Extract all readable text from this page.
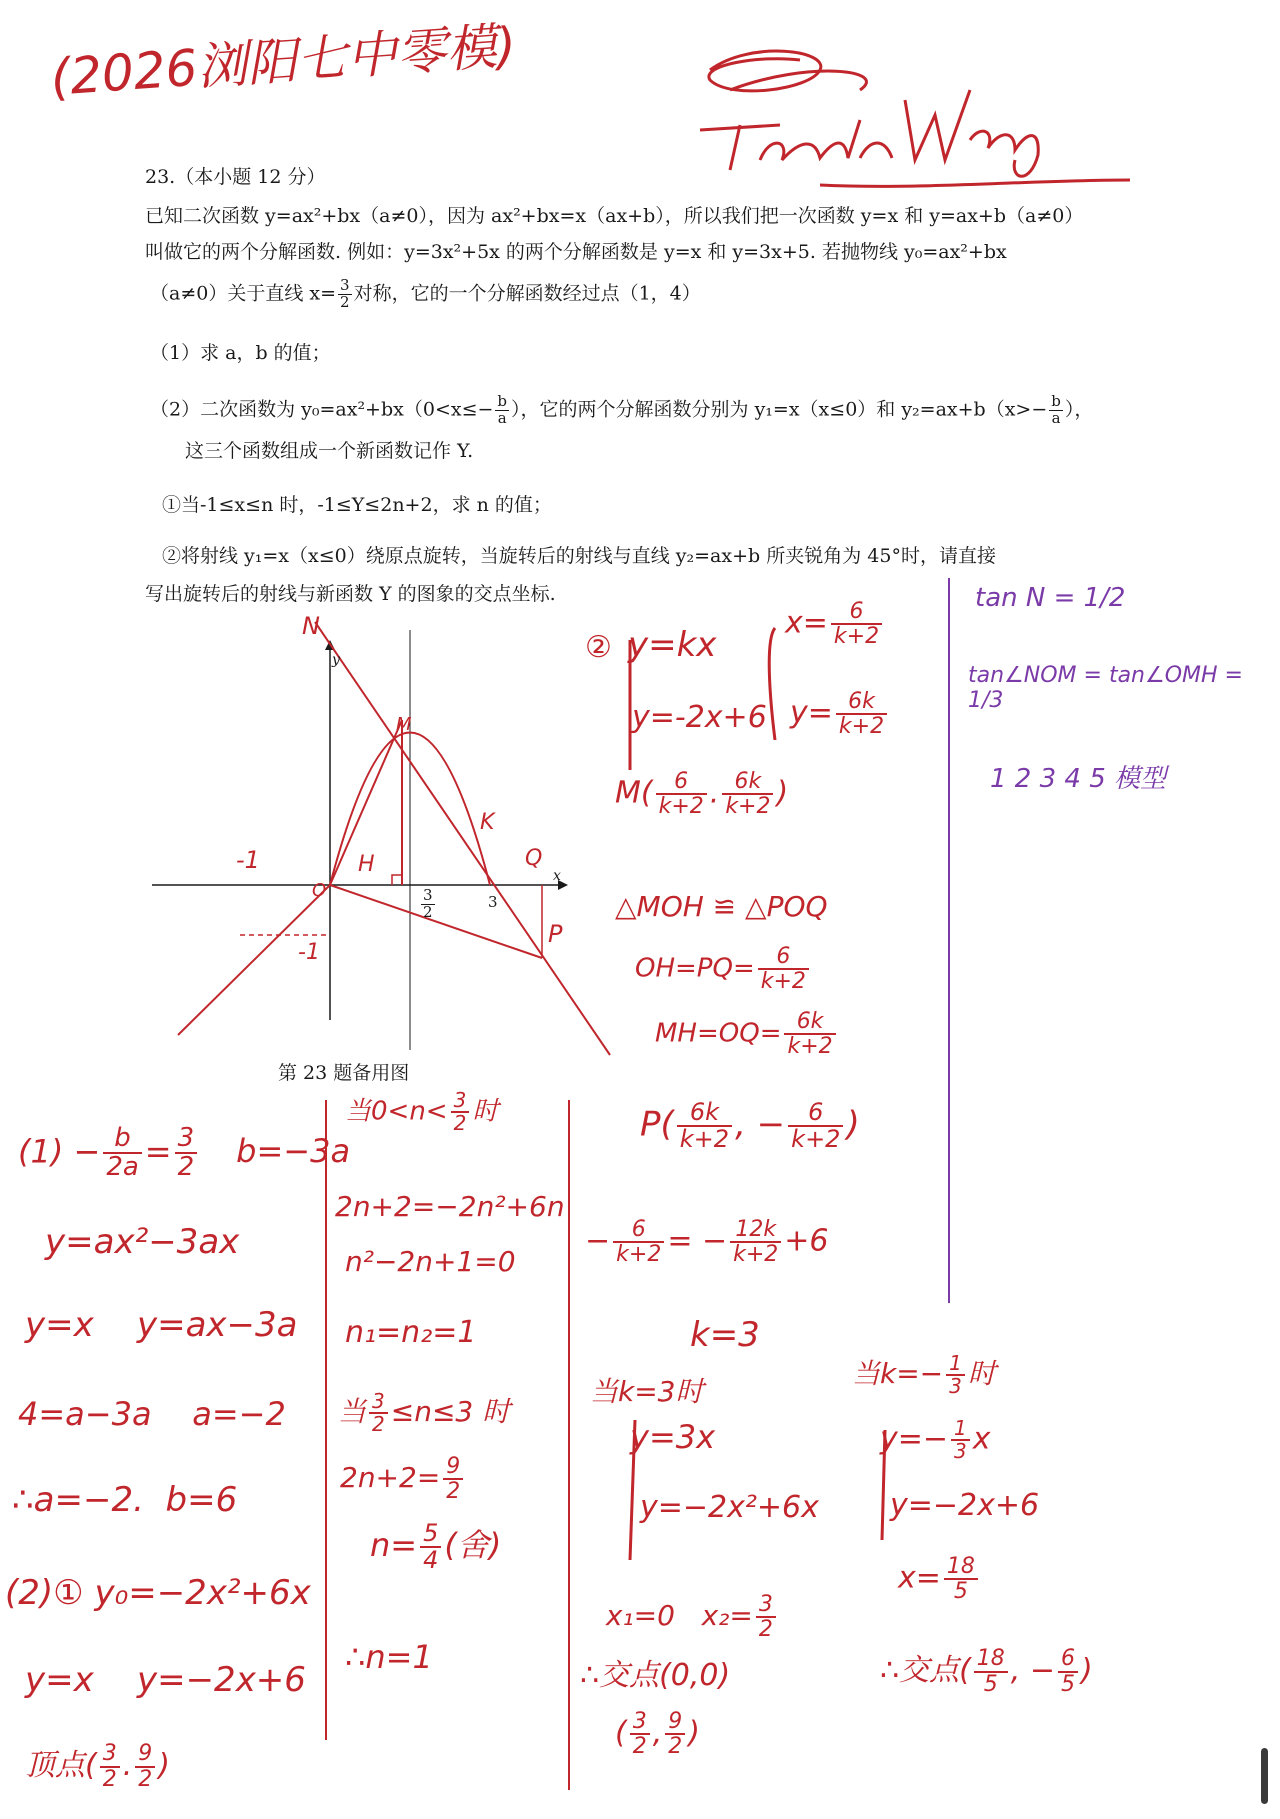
(2026浏阳七中零模)
23.（本小题 12 分）
已知二次函数 y=ax²+bx（a≠0），因为 ax²+bx=x（ax+b），所以我们把一次函数 y=x 和 y=ax+b（a≠0）
叫做它的两个分解函数. 例如：y=3x²+5x 的两个分解函数是 y=x 和 y=3x+5. 若抛物线 y₀=ax²+bx
（a≠0）关于直线 $x= \frac{3}{2}$ 对称，它的一个分解函数经过点（1，4）
（1）求 a，b 的值；
（2）二次函数为 $y_0=ax^2+bx(0<x\le- \frac{b}{a}$ ），它的两个分解函数分别为 y₁=x（x≤0）和 $y_2=ax+b(x>- \frac{b}{a}$ ），
这三个函数组成一个新函数记作 Y.
①当-1≤x≤n 时，-1≤Y≤2n+2，求 n 的值；
②将射线 y₁=x（x≤0）绕原点旋转，当旋转后的射线与直线 y₂=ax+b 所夹锐角为 45°时，请直接
写出旋转后的射线与新函数 Y 的图象的交点坐标.
x
y
O
N
M
H
K
Q
P
-1
-1
3
$\frac{3}{2}$
第 23 题备用图
tan N = 1/2
tan∠NOM = tan∠OMH = 1/3
1 2 3 4 5 模型
② y=kx
y=-2x+6
$x= \frac{6}{k+2}$
$y= \frac{6k}{k+2}$
$M( \frac{6}{k+2}$ . $\frac{6k}{k+2}$ )
△MOH ≌ △POQ
$OH=PQ= \frac{6}{k+2}$
$MH=OQ= \frac{6k}{k+2}$
$(1) - \frac{b}{2a} = \frac{3}{2} b=-3a$
y=ax²−3ax
y=x    y=ax−3a
4=a−3a    a=−2
∴a=−2.  b=6
(2)① y₀=−2x²+6x
y=x    y=−2x+6
顶点( $\frac{3}{2}$ . $\frac{9}{2}$ )
当$0<n< \frac{3}{2}$ 时
2n+2=−2n²+6n
n²−2n+1=0
n₁=n₂=1
当 $\frac{3}{2} \le n\le 3$ 时
$2n+2= \frac{9}{2}$
$n= \frac{5}{4}$ (舍)
∴n=1
$P( \frac{6k}{k+2}$ , − $\frac{6}{k+2}$ )
− $\frac{6}{k+2}$ = − $\frac{12k}{k+2} +6$
k=3
当k=3时
y=3x
y=−2x²+6x

x₁=0   $x_2= \frac{3}{2}$

∴交点(0,0)
( $\frac{3}{2}$ , $\frac{9}{2}$ )
当$k=- \frac{1}{3}$ 时
$y=- \frac{1}{3}$ x
y=−2x+6
$x= \frac{18}{5}$
∴交点( $\frac{18}{5}$ , − $\frac{6}{5}$ )
